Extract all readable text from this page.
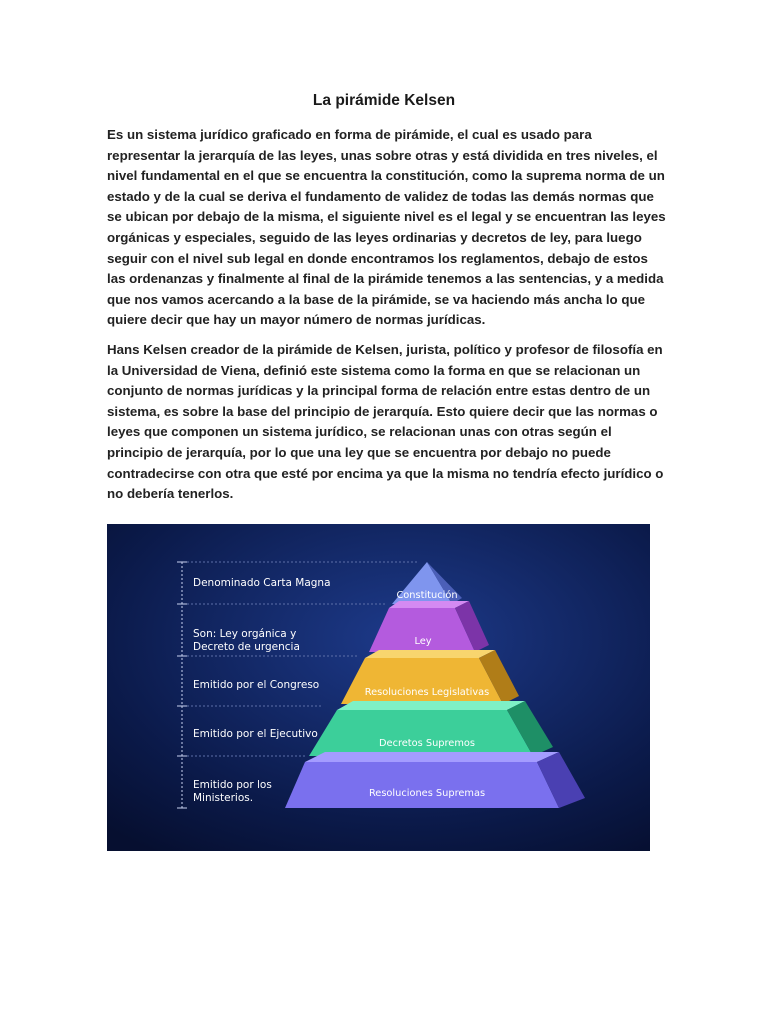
La pirámide Kelsen

Es un sistema jurídico graficado en forma de pirámide, el cual es usado para representar la jerarquía de las leyes, unas sobre otras y está dividida en tres niveles, el nivel fundamental en el que se encuentra la constitución, como la suprema norma de un estado y de la cual se deriva el fundamento de validez de todas las demás normas que se ubican por debajo de la misma, el siguiente nivel es el legal y se encuentran las leyes orgánicas y especiales, seguido de las leyes ordinarias y decretos de ley, para luego seguir con el nivel sub legal en donde encontramos los reglamentos, debajo de estos las ordenanzas y finalmente al final de la pirámide tenemos a las sentencias, y a medida que nos vamos acercando a la base de la pirámide, se va haciendo más ancha lo que quiere decir que hay un mayor número de normas jurídicas.

Hans Kelsen creador de la pirámide de Kelsen, jurista, político y profesor de filosofía en la Universidad de Viena, definió este sistema como la forma en que se relacionan un conjunto de normas jurídicas y la principal forma de relación entre estas dentro de un sistema, es sobre la base del principio de jerarquía. Esto quiere decir que las normas o leyes que componen un sistema jurídico, se relacionan unas con otras según el principio de jerarquía, por lo que una ley que se encuentra por debajo no puede contradecirse con otra que esté por encima ya que la misma no tendría efecto jurídico o no debería tenerlos.

Denominado Carta Magna
Son: Ley orgánica y Decreto de urgencia
Emitido por el Congreso
Emitido por el Ejecutivo
Emitido por los Ministerios.
Constitución
Ley
Resoluciones Legislativas
Decretos Supremos
Resoluciones Supremas
